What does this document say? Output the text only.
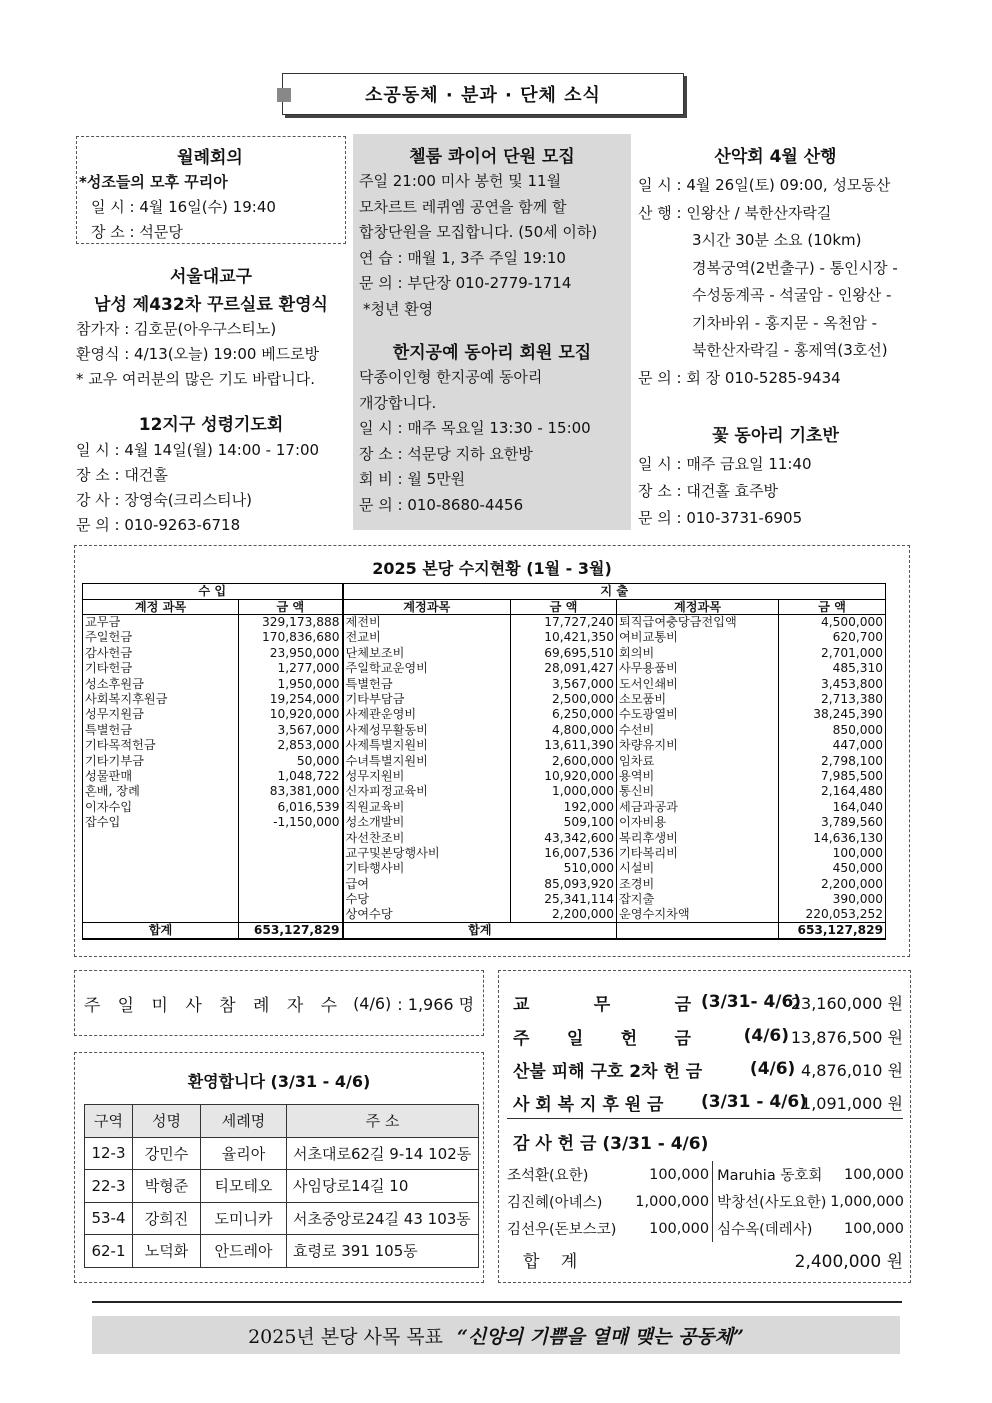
소공동체 · 분과 · 단체 소식
월례회의
*성조들의 모후 꾸리아
일 시 : 4월 16일(수) 19:40
장 소 : 석문당
서울대교구
남성 제432차 꾸르실료 환영식
참가자 : 김호문(아우구스티노)
환영식 : 4/13(오늘) 19:00 베드로방
* 교우 여러분의 많은 기도 바랍니다.
12지구 성령기도회
일 시 : 4월 14일(월) 14:00 - 17:00
장 소 : 대건홀
강 사 : 장영숙(크리스티나)
문 의 : 010-9263-6718
첼룸 콰이어 단원 모집
주일 21:00 미사 봉헌 및 11월
모차르트 레퀴엠 공연을 함께 할
합창단원을 모집합니다. (50세 이하)
연 습 : 매월 1, 3주 주일 19:10
문 의 : 부단장 010-2779-1714
*청년 환영
한지공예 동아리 회원 모집
닥종이인형 한지공예 동아리
개강합니다.
일 시 : 매주 목요일 13:30 - 15:00
장 소 : 석문당 지하 요한방
회 비 : 월 5만원
문 의 : 010-8680-4456
산악회 4월 산행
일 시 : 4월 26일(토) 09:00, 성모동산
산 행 : 인왕산 / 북한산자락길
3시간 30분 소요 (10km)
경복궁역(2번출구) - 통인시장 -
수성동계곡 - 석굴암 - 인왕산 -
기차바위 - 홍지문 - 옥천암 -
북한산자락길 - 홍제역(3호선)
문 의 : 회 장 010-5285-9434
꽃 동아리 기초반
일 시 : 매주 금요일 11:40
장 소 : 대건홀 효주방
문 의 : 010-3731-6905
2025 본당 수지현황 (1월 - 3월)
수 입		지 출			
계정 과목	금 액	계정과목	금 액	계정과목	금 액
교무금	329,173,888	제전비	17,727,240	퇴직급여충당금전입액	4,500,000
주일헌금	170,836,680	전교비	10,421,350	여비교통비	620,700
감사헌금	23,950,000	단체보조비	69,695,510	회의비	2,701,000
기타헌금	1,277,000	주일학교운영비	28,091,427	사무용품비	485,310
성소후원금	1,950,000	특별헌금	3,567,000	도서인쇄비	3,453,800
사회복지후원금	19,254,000	기타부담금	2,500,000	소모품비	2,713,380
성무지원금	10,920,000	사제관운영비	6,250,000	수도광열비	38,245,390
특별헌금	3,567,000	사제성무활동비	4,800,000	수선비	850,000
기타목적헌금	2,853,000	사제특별지원비	13,611,390	차량유지비	447,000
기타기부금	50,000	수녀특별지원비	2,600,000	임차료	2,798,100
성물판매	1,048,722	성무지원비	10,920,000	용역비	7,985,500
혼배, 장례	83,381,000	신자피정교육비	1,000,000	통신비	2,164,480
이자수입	6,016,539	직원교육비	192,000	세금과공과	164,040
잡수입	-1,150,000	성소개발비	509,100	이자비용	3,789,560
		자선찬조비	43,342,600	복리후생비	14,636,130
		교구및본당행사비	16,007,536	기타복리비	100,000
		기타행사비	510,000	시설비	450,000
		급여	85,093,920	조경비	2,200,000
		수당	25,341,114	잡지출	390,000
		상여수당	2,200,000	운영수지차액	220,053,252
합계	653,127,829	합계			653,127,829
주 일 미 사 참 례 자 수 (4/6) : 1,966 명
환영합니다 (3/31 - 4/6)
구역	성명	세례명	주 소
12-3	강민수	율리아	서초대로62길 9-14 102동
22-3	박형준	티모테오	사임당로14길 10
53-4	강희진	도미니카	서초중앙로24길 43 103동
62-1	노덕화	안드레아	효령로 391 105동
교	무	금 (3/31- 4/6)
23,160,000 원
주 일 헌 금	(4/6) 13,876,500 원
산불 피해 구호 2차 헌 금	(4/6) 4,876,010 원
사 회 복 지 후 원 금 (3/31 - 4/6)
1,091,000 원
감 사 헌 금 (3/31 - 4/6)
조석환(요한)	100,000	Maruhia 동호회	100,000
김진혜(아녜스)	1,000,000	박창선(사도요한)	1,000,000
김선우(돈보스코)	100,000	심수옥(데레사)	100,000
합 계	2,400,000 원
2025년 본당 사목 목표 “신앙의 기쁨을 열매 맺는 공동체”
